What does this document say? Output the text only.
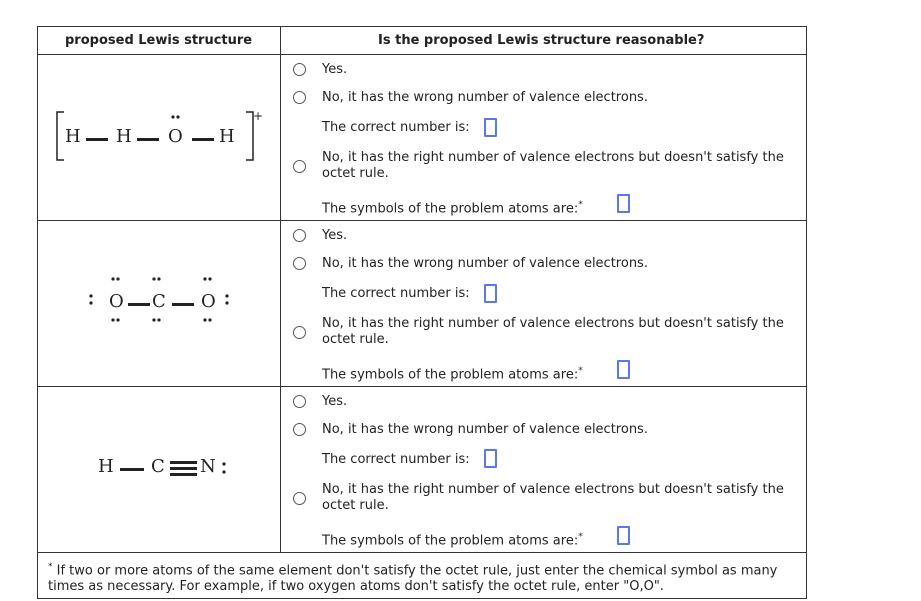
proposed Lewis structure	Is the proposed Lewis structure reasonable?
H H O H
+
Yes.
No, it has the wrong number of valence electrons.
The correct number is:
No, it has the right number of valence electrons but doesn't satisfy the octet rule.
The symbols of the problem atoms are:*
O C O
Yes.
No, it has the wrong number of valence electrons.
The correct number is:
No, it has the right number of valence electrons but doesn't satisfy the octet rule.
The symbols of the problem atoms are:*
H C N
Yes.
No, it has the wrong number of valence electrons.
The correct number is:
No, it has the right number of valence electrons but doesn't satisfy the octet rule.
The symbols of the problem atoms are:*
* If two or more atoms of the same element don't satisfy the octet rule, just enter the chemical symbol as many times as necessary. For example, if two oxygen atoms don't satisfy the octet rule, enter "O,O".
